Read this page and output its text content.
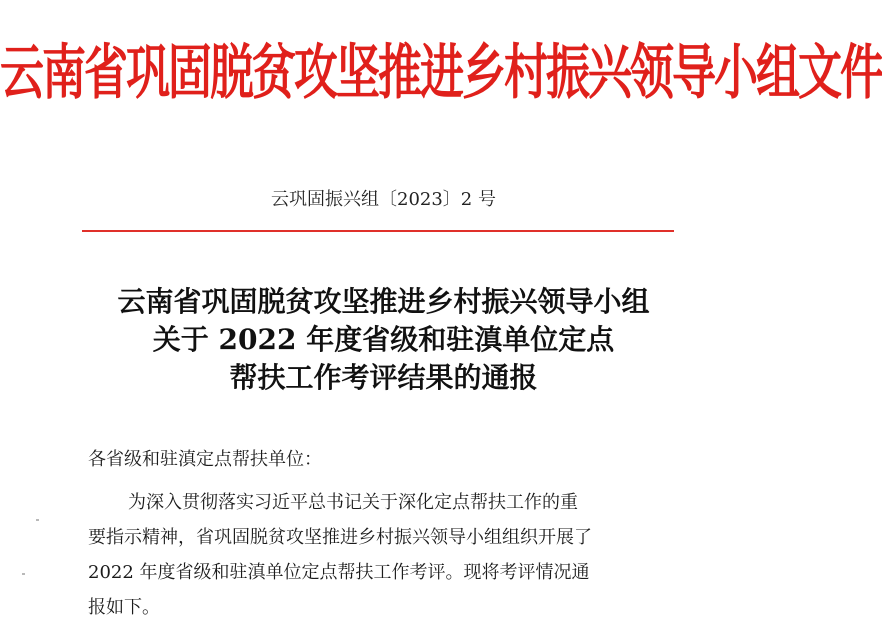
云南省巩固脱贫攻坚推进乡村振兴领导小组文件
云巩固振兴组〔2023〕2 号
云南省巩固脱贫攻坚推进乡村振兴领导小组
关于 2022 年度省级和驻滇单位定点
帮扶工作考评结果的通报
各省级和驻滇定点帮扶单位：
为深入贯彻落实习近平总书记关于深化定点帮扶工作的重
要指示精神，省巩固脱贫攻坚推进乡村振兴领导小组组织开展了
2022 年度省级和驻滇单位定点帮扶工作考评。现将考评情况通
报如下。
